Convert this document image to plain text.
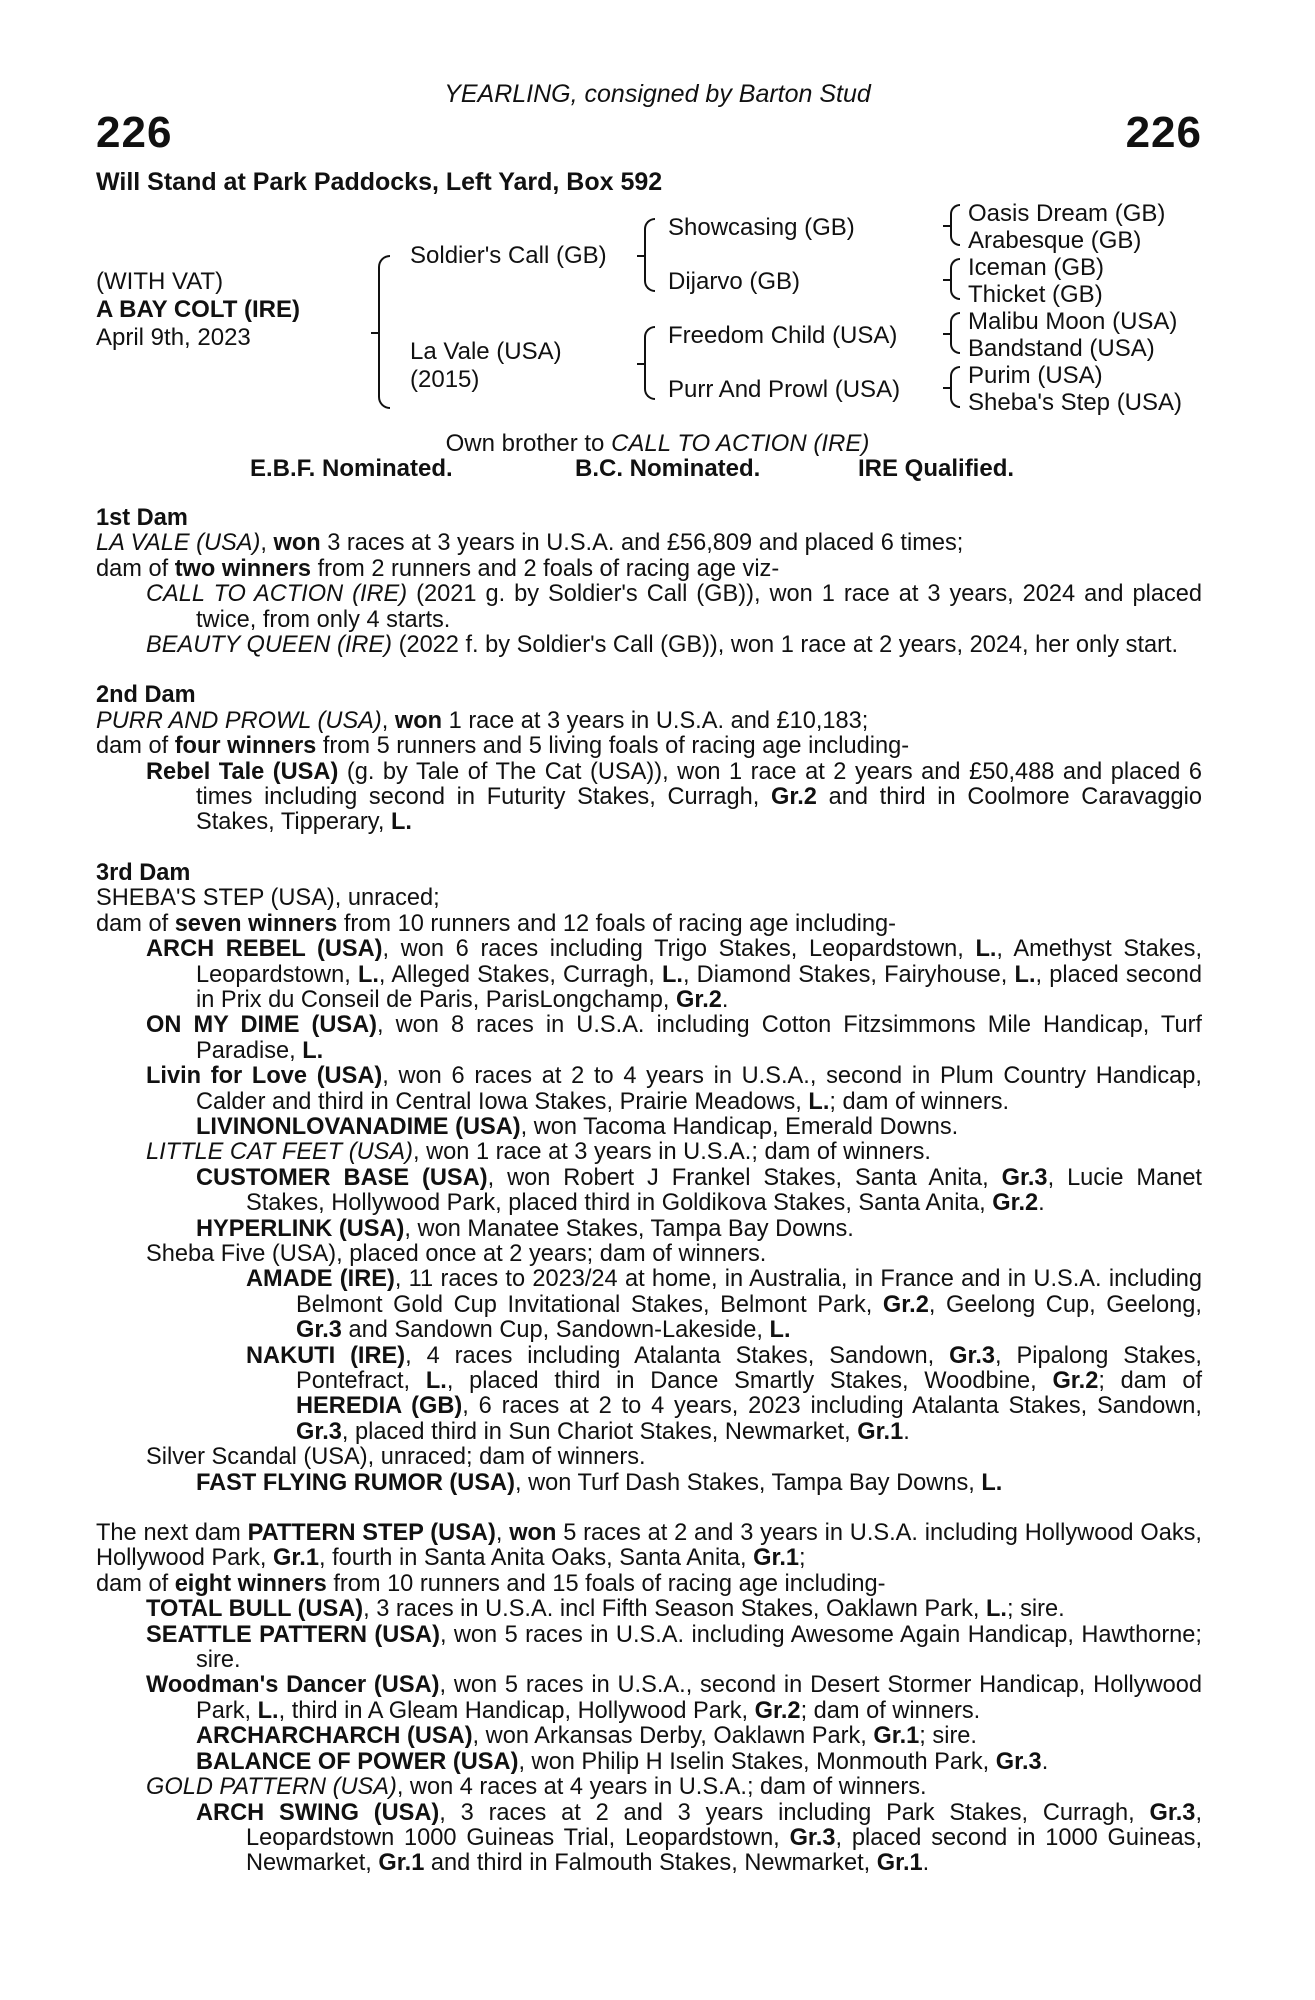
YEARLING, consigned by Barton Stud
226	226
Will Stand at Park Paddocks, Left Yard, Box 592
(WITH VAT)
A BAY COLT (IRE)
April 9th, 2023
Soldier's Call (GB)
La Vale (USA)
(2015)
Showcasing (GB)
Dijarvo (GB)
Freedom Child (USA)
Purr And Prowl (USA)
Oasis Dream (GB)
Arabesque (GB)
Iceman (GB)
Thicket (GB)
Malibu Moon (USA)
Bandstand (USA)
Purim (USA)
Sheba's Step (USA)
Own brother to CALL TO ACTION (IRE)
E.B.F. Nominated.	B.C. Nominated.	IRE Qualified.

1st Dam

LA VALE (USA), won 3 races at 3 years in U.S.A. and £56,809 and placed 6 times;

dam of two winners from 2 runners and 2 foals of racing age viz-

CALL TO ACTION (IRE) (2021 g. by Soldier's Call (GB)), won 1 race at 3 years, 2024 and placed twice, from only 4 starts.

BEAUTY QUEEN (IRE) (2022 f. by Soldier's Call (GB)), won 1 race at 2 years, 2024, her only start.

2nd Dam

PURR AND PROWL (USA), won 1 race at 3 years in U.S.A. and £10,183;

dam of four winners from 5 runners and 5 living foals of racing age including-

Rebel Tale (USA) (g. by Tale of The Cat (USA)), won 1 race at 2 years and £50,488 and placed 6 times including second in Futurity Stakes, Curragh, Gr.2 and third in Coolmore Caravaggio Stakes, Tipperary, L.

3rd Dam

SHEBA'S STEP (USA), unraced;

dam of seven winners from 10 runners and 12 foals of racing age including-

ARCH REBEL (USA), won 6 races including Trigo Stakes, Leopardstown, L., Amethyst Stakes, Leopardstown, L., Alleged Stakes, Curragh, L., Diamond Stakes, Fairyhouse, L., placed second in Prix du Conseil de Paris, ParisLongchamp, Gr.2.

ON MY DIME (USA), won 8 races in U.S.A. including Cotton Fitzsimmons Mile Handicap, Turf Paradise, L.

Livin for Love (USA), won 6 races at 2 to 4 years in U.S.A., second in Plum Country Handicap, Calder and third in Central Iowa Stakes, Prairie Meadows, L.; dam of winners.

LIVINONLOVANADIME (USA), won Tacoma Handicap, Emerald Downs.

LITTLE CAT FEET (USA), won 1 race at 3 years in U.S.A.; dam of winners.

CUSTOMER BASE (USA), won Robert J Frankel Stakes, Santa Anita, Gr.3, Lucie Manet Stakes, Hollywood Park, placed third in Goldikova Stakes, Santa Anita, Gr.2.

HYPERLINK (USA), won Manatee Stakes, Tampa Bay Downs.

Sheba Five (USA), placed once at 2 years; dam of winners.

AMADE (IRE), 11 races to 2023/24 at home, in Australia, in France and in U.S.A. including Belmont Gold Cup Invitational Stakes, Belmont Park, Gr.2, Geelong Cup, Geelong, Gr.3 and Sandown Cup, Sandown-Lakeside, L.

NAKUTI (IRE), 4 races including Atalanta Stakes, Sandown, Gr.3, Pipalong Stakes, Pontefract, L., placed third in Dance Smartly Stakes, Woodbine, Gr.2; dam of HEREDIA (GB), 6 races at 2 to 4 years, 2023 including Atalanta Stakes, Sandown, Gr.3, placed third in Sun Chariot Stakes, Newmarket, Gr.1.

Silver Scandal (USA), unraced; dam of winners.

FAST FLYING RUMOR (USA), won Turf Dash Stakes, Tampa Bay Downs, L.

The next dam PATTERN STEP (USA), won 5 races at 2 and 3 years in U.S.A. including Hollywood Oaks, Hollywood Park, Gr.1, fourth in Santa Anita Oaks, Santa Anita, Gr.1;

dam of eight winners from 10 runners and 15 foals of racing age including-

TOTAL BULL (USA), 3 races in U.S.A. incl Fifth Season Stakes, Oaklawn Park, L.; sire.

SEATTLE PATTERN (USA), won 5 races in U.S.A. including Awesome Again Handicap, Hawthorne; sire.

Woodman's Dancer (USA), won 5 races in U.S.A., second in Desert Stormer Handicap, Hollywood Park, L., third in A Gleam Handicap, Hollywood Park, Gr.2; dam of winners.

ARCHARCHARCH (USA), won Arkansas Derby, Oaklawn Park, Gr.1; sire.

BALANCE OF POWER (USA), won Philip H Iselin Stakes, Monmouth Park, Gr.3.

GOLD PATTERN (USA), won 4 races at 4 years in U.S.A.; dam of winners.

ARCH SWING (USA), 3 races at 2 and 3 years including Park Stakes, Curragh, Gr.3, Leopardstown 1000 Guineas Trial, Leopardstown, Gr.3, placed second in 1000 Guineas, Newmarket, Gr.1 and third in Falmouth Stakes, Newmarket, Gr.1.
